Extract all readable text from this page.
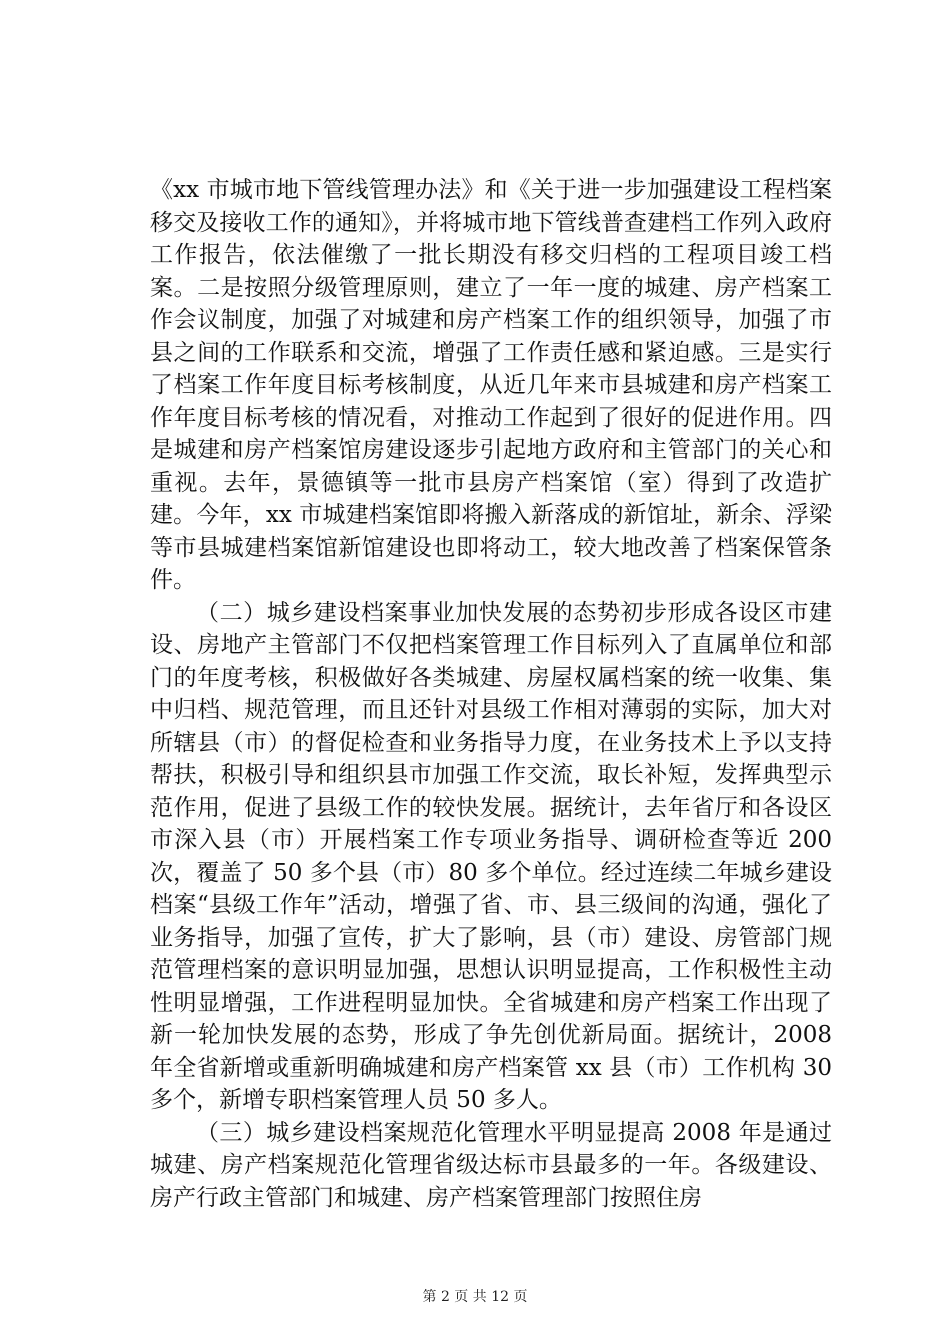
《xx 市城市地下管线管理办法》和《关于进一步加强建设工程档案移交及接收工作的通知》，并将城市地下管线普查建档工作列入政府工作报告，依法催缴了一批长期没有移交归档的工程项目竣工档案。二是按照分级管理原则，建立了一年一度的城建、房产档案工作会议制度，加强了对城建和房产档案工作的组织领导，加强了市县之间的工作联系和交流，增强了工作责任感和紧迫感。三是实行了档案工作年度目标考核制度，从近几年来市县城建和房产档案工作年度目标考核的情况看，对推动工作起到了很好的促进作用。四是城建和房产档案馆房建设逐步引起地方政府和主管部门的关心和重视。去年，景德镇等一批市县房产档案馆（室）得到了改造扩建。今年，xx 市城建档案馆即将搬入新落成的新馆址，新余、浮梁等市县城建档案馆新馆建设也即将动工，较大地改善了档案保管条件。

（二）城乡建设档案事业加快发展的态势初步形成各设区市建设、房地产主管部门不仅把档案管理工作目标列入了直属单位和部门的年度考核，积极做好各类城建、房屋权属档案的统一收集、集中归档、规范管理，而且还针对县级工作相对薄弱的实际，加大对所辖县（市）的督促检查和业务指导力度，在业务技术上予以支持帮扶，积极引导和组织县市加强工作交流，取长补短，发挥典型示范作用，促进了县级工作的较快发展。据统计，去年省厅和各设区市深入县（市）开展档案工作专项业务指导、调研检查等近 200 次，覆盖了 50 多个县（市）80 多个单位。经过连续二年城乡建设档案“县级工作年”活动，增强了省、市、县三级间的沟通，强化了业务指导，加强了宣传，扩大了影响，县（市）建设、房管部门规范管理档案的意识明显加强，思想认识明显提高，工作积极性主动性明显增强，工作进程明显加快。全省城建和房产档案工作出现了新一轮加快发展的态势，形成了争先创优新局面。据统计，2008 年全省新增或重新明确城建和房产档案管 xx 县（市）工作机构 30 多个，新增专职档案管理人员 50 多人。

（三）城乡建设档案规范化管理水平明显提高 2008 年是通过城建、房产档案规范化管理省级达标市县最多的一年。各级建设、房产行政主管部门和城建、房产档案管理部门按照住房

第 2 页 共 12 页
